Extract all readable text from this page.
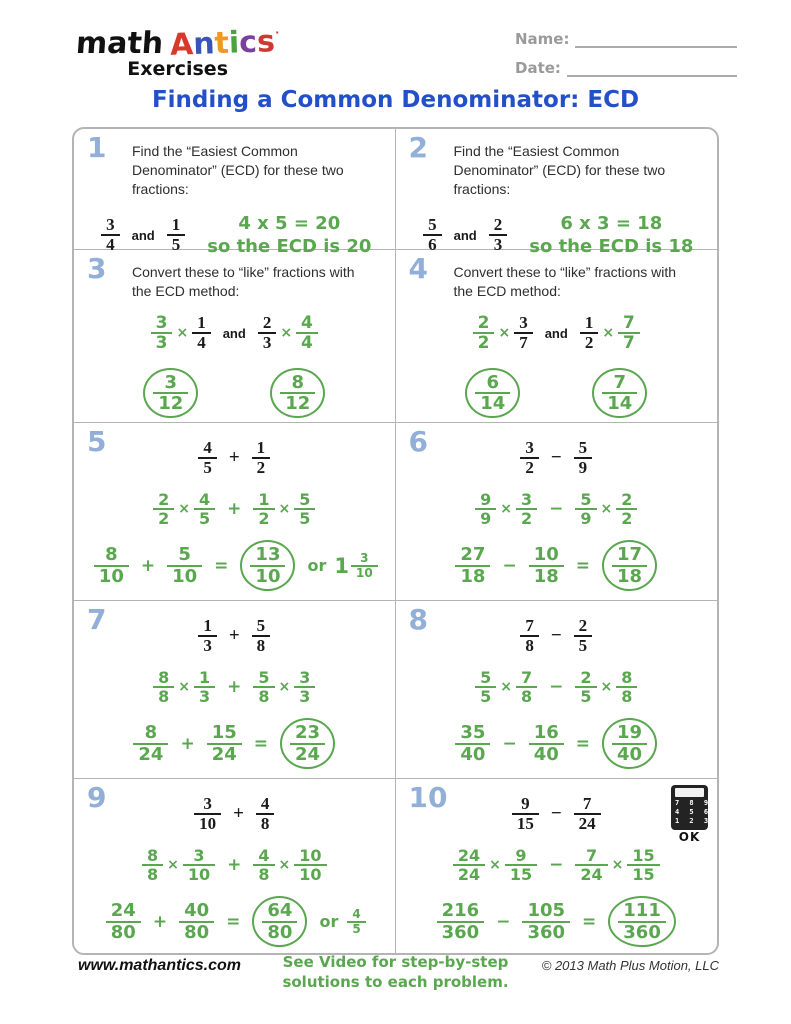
math Antics·
Exercises
Name:
Date:
Finding a Common Denominator: ECD
1 Find the “Easiest Common Denominator” (ECD) for these two fractions:
$\frac{3}{4}$ and $\frac{1}{5}$	4 x 5 = 20
so the ECD is 20
2 Find the “Easiest Common Denominator” (ECD) for these two fractions:
$\frac{5}{6}$ and $\frac{2}{3}$	6 x 3 = 18
so the ECD is 18
3 Convert these to “like” fractions with the ECD method:
$\frac{3}{3} \times \frac{1}{4}$ and $\frac{2}{3} \times \frac{4}{4}$
$\frac{3}{12}$	$\frac{8}{12}$
4 Convert these to “like” fractions with the ECD method:
$\frac{2}{2} \times \frac{3}{7}$ and $\frac{1}{2} \times \frac{7}{7}$
$\frac{6}{14}$	$\frac{7}{14}$
5	$\frac{4}{5} + \frac{1}{2}$
$\frac{2}{2} \times \frac{4}{5} + \frac{1}{2} \times \frac{5}{5}$
$\frac{8}{10} + \frac{5}{10} = \frac{13}{10}$ or $1 \frac{3}{10}$
6	$\frac{3}{2} - \frac{5}{9}$
$\frac{9}{9} \times \frac{3}{2} - \frac{5}{9} \times \frac{2}{2}$
$\frac{27}{18} - \frac{10}{18} = \frac{17}{18}$
7	$\frac{1}{3} + \frac{5}{8}$
$\frac{8}{8} \times \frac{1}{3} + \frac{5}{8} \times \frac{3}{3}$
$\frac{8}{24} + \frac{15}{24} = \frac{23}{24}$
8	$\frac{7}{8} - \frac{2}{5}$
$\frac{5}{5} \times \frac{7}{8} - \frac{2}{5} \times \frac{8}{8}$
$\frac{35}{40} - \frac{16}{40} = \frac{19}{40}$
9	$\frac{3}{10} + \frac{4}{8}$
$\frac{8}{8} \times \frac{3}{10} + \frac{4}{8} \times \frac{10}{10}$
$\frac{24}{80} + \frac{40}{80} = \frac{64}{80}$ or $\frac{4}{5}$
10	$\frac{9}{15} - \frac{7}{24}$
$\frac{24}{24} \times \frac{9}{15} - \frac{7}{24} \times \frac{15}{15}$
$\frac{216}{360} - \frac{105}{360} = \frac{111}{360}$
7 8 9
4 5 6
1 2 3
OK
www.mathantics.com	See Video for step-by-step
solutions to each problem.
© 2013 Math Plus Motion, LLC
